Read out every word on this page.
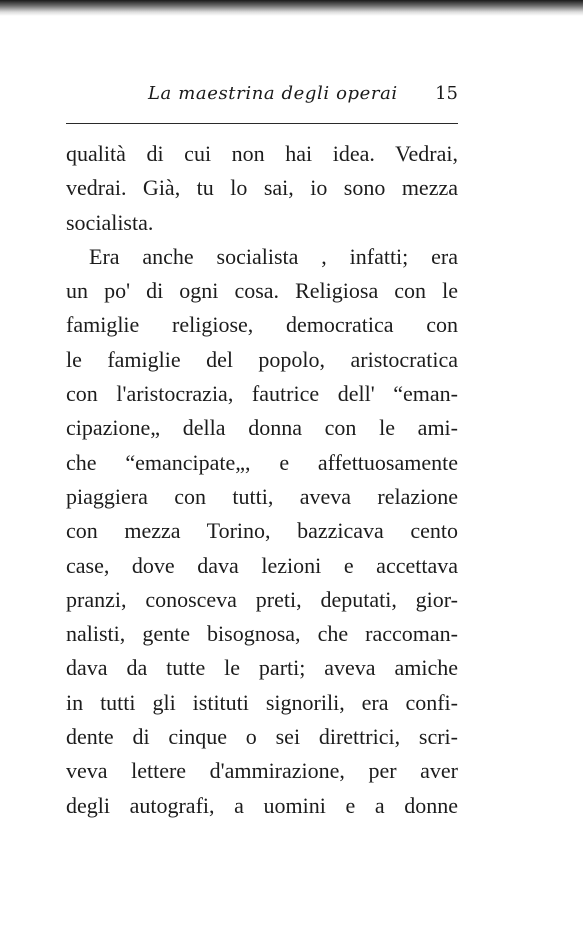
La maestrina degli operai 15
qualità di cui non hai idea. Vedrai,
vedrai. Già, tu lo sai, io sono mezza
socialista.
Era anche socialista , infatti; era
un po' di ogni cosa. Religiosa con le
famiglie religiose, democratica con
le famiglie del popolo, aristocratica
con l'aristocrazia, fautrice dell' “eman-
cipazione„ della donna con le ami-
che “emancipate„, e affettuosamente
piaggiera con tutti, aveva relazione
con mezza Torino, bazzicava cento
case, dove dava lezioni e accettava
pranzi, conosceva preti, deputati, gior-
nalisti, gente bisognosa, che raccoman-
dava da tutte le parti; aveva amiche
in tutti gli istituti signorili, era confi-
dente di cinque o sei direttrici, scri-
veva lettere d'ammirazione, per aver
degli autografi, a uomini e a donne
